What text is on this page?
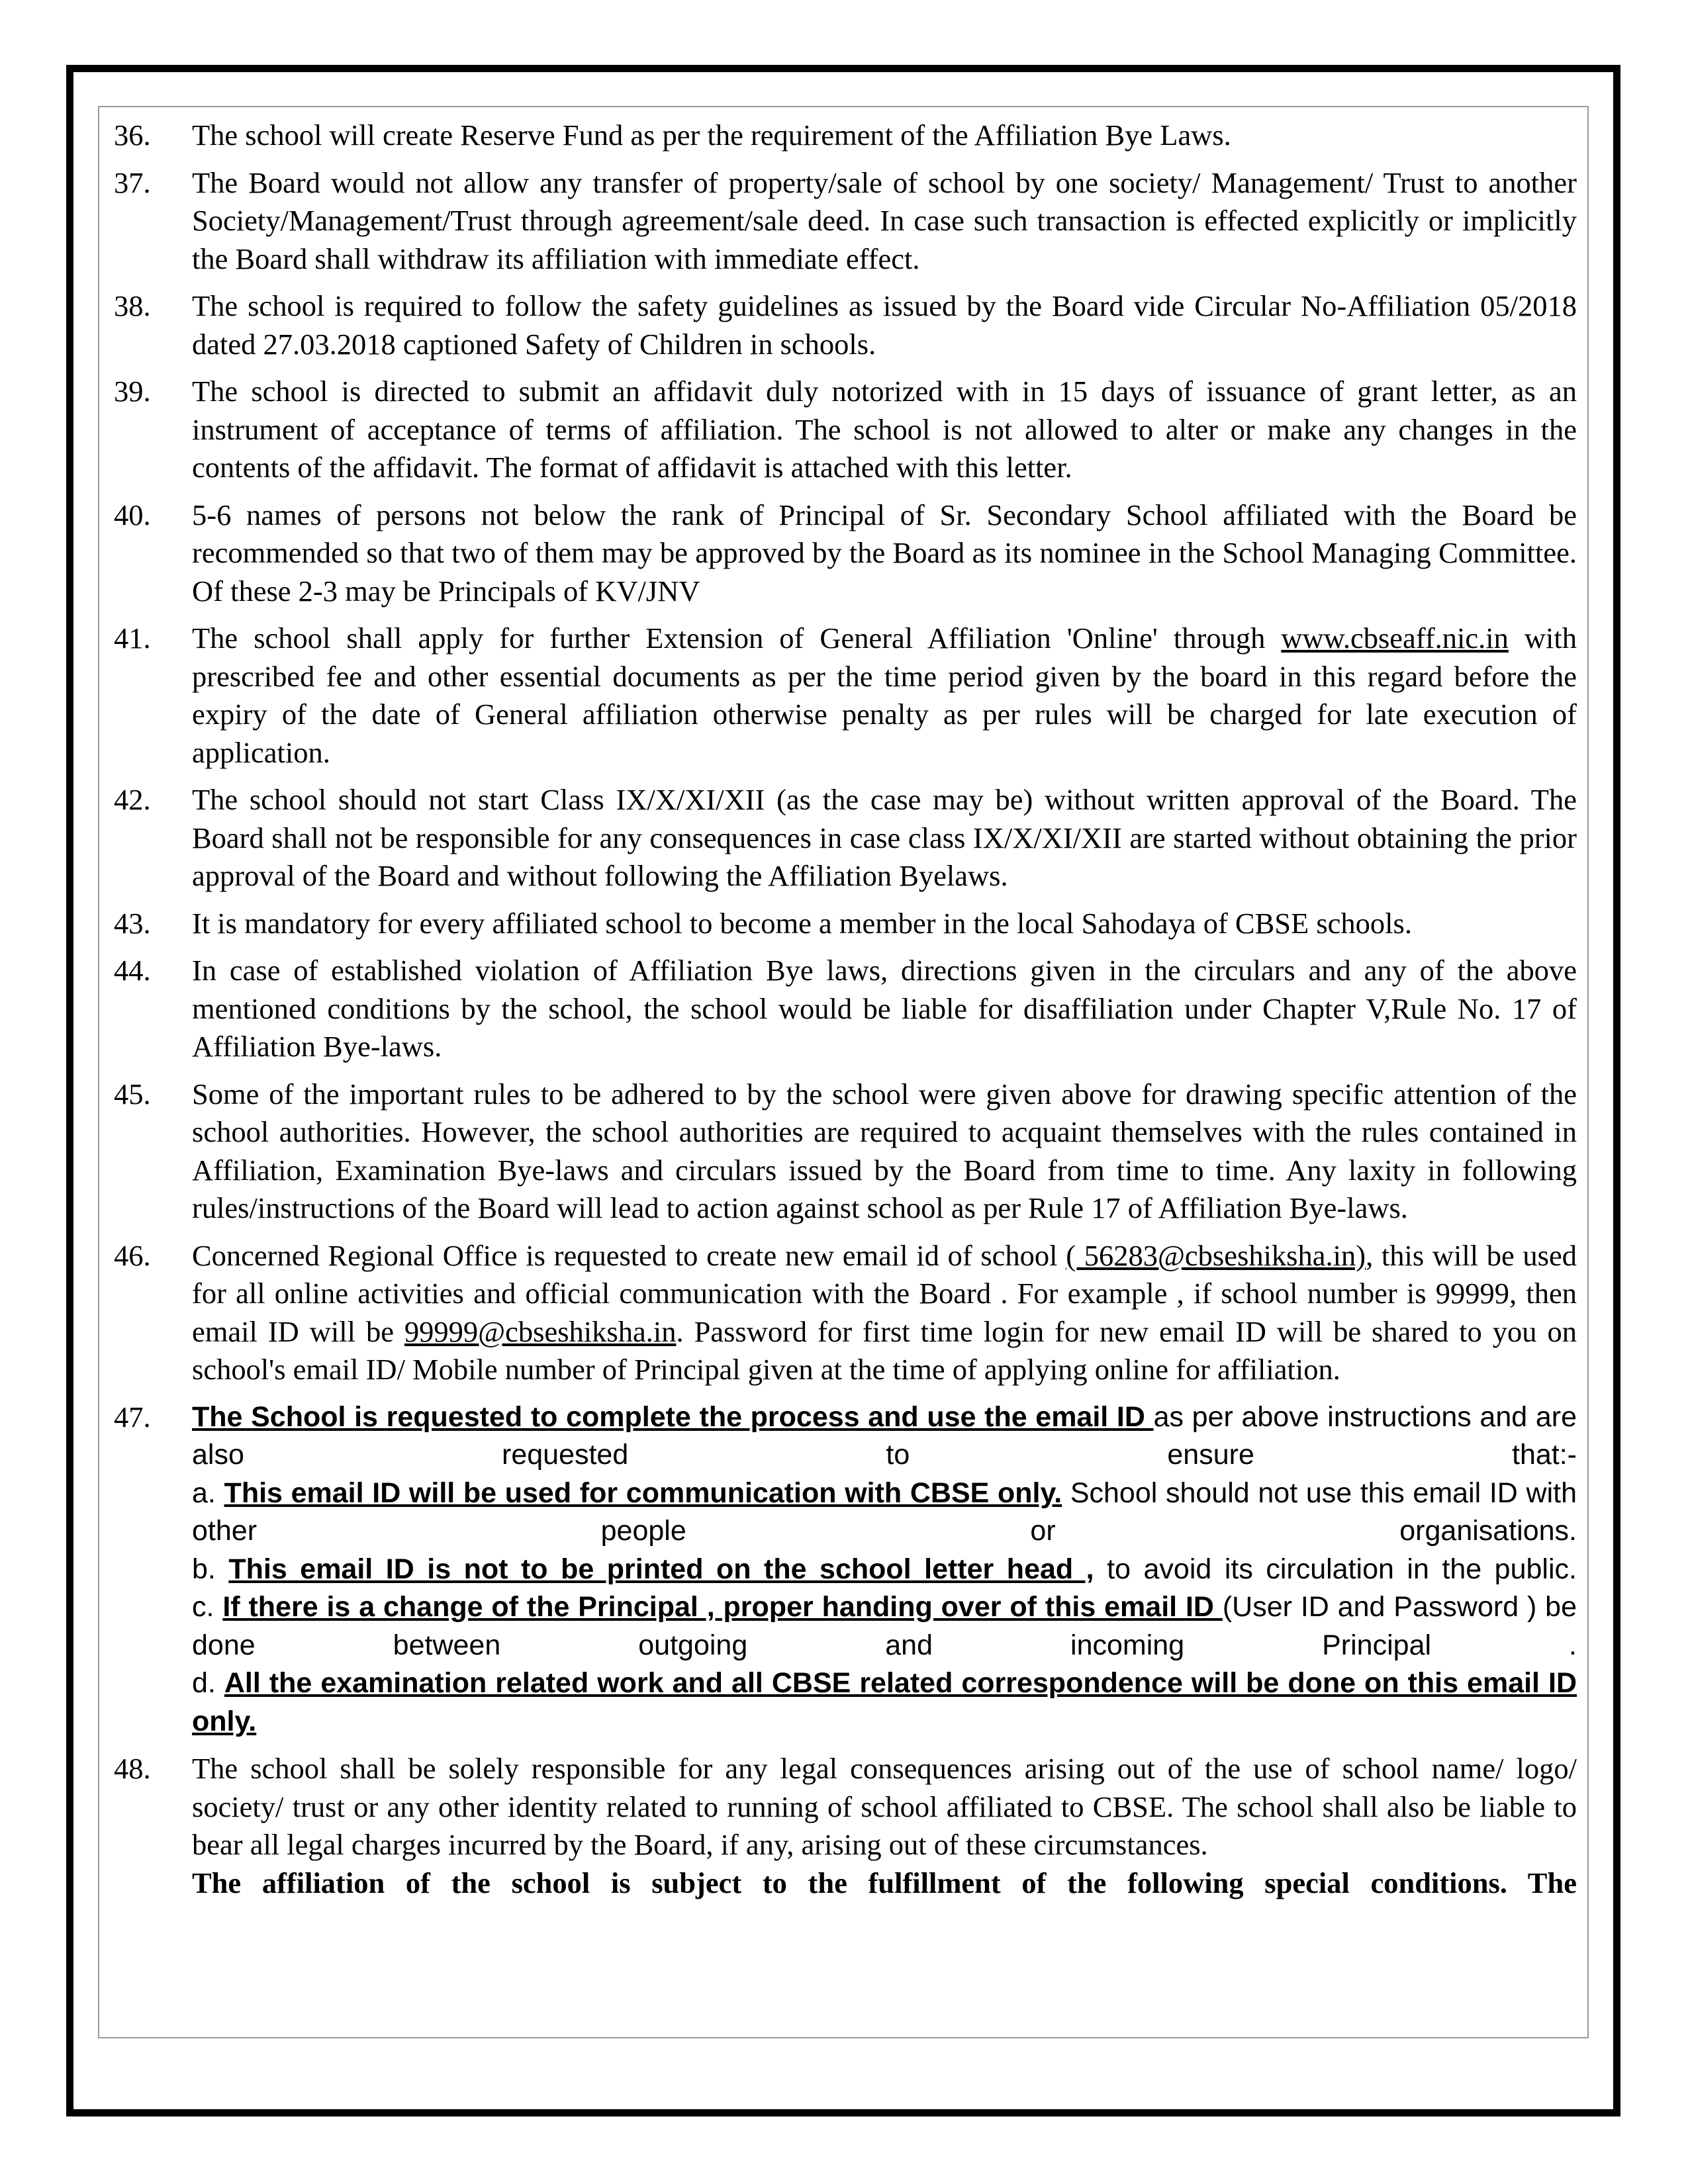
36.	The school will create Reserve Fund as per the requirement of the Affiliation Bye Laws.
37.	The Board would not allow any transfer of property/sale of school by one society/ Management/ Trust to another Society/Management/Trust through agreement/sale deed. In case such transaction is effected explicitly or implicitly the Board shall withdraw its affiliation with immediate effect.
38.	The school is required to follow the safety guidelines as issued by the Board vide Circular No-Affiliation 05/2018 dated 27.03.2018 captioned Safety of Children in schools.
39.	The school is directed to submit an affidavit duly notorized with in 15 days of issuance of grant letter, as an instrument of acceptance of terms of affiliation. The school is not allowed to alter or make any changes in the contents of the affidavit. The format of affidavit is attached with this letter.
40.	5-6 names of persons not below the rank of Principal of Sr. Secondary School affiliated with the Board be recommended so that two of them may be approved by the Board as its nominee in the School Managing Committee. Of these 2-3 may be Principals of KV/JNV
41.	The school shall apply for further Extension of General Affiliation 'Online' through www.cbseaff.nic.in with prescribed fee and other essential documents as per the time period given by the board in this regard before the expiry of the date of General affiliation otherwise penalty as per rules will be charged for late execution of application.
42.	The school should not start Class IX/X/XI/XII (as the case may be) without written approval of the Board. The Board shall not be responsible for any consequences in case class IX/X/XI/XII are started without obtaining the prior approval of the Board and without following the Affiliation Byelaws.
43.	It is mandatory for every affiliated school to become a member in the local Sahodaya of CBSE schools.
44.	In case of established violation of Affiliation Bye laws, directions given in the circulars and any of the above mentioned conditions by the school, the school would be liable for disaffiliation under Chapter V,Rule No. 17 of Affiliation Bye-laws.
45.	Some of the important rules to be adhered to by the school were given above for drawing specific attention of the school authorities. However, the school authorities are required to acquaint themselves with the rules contained in Affiliation, Examination Bye-laws and circulars issued by the Board from time to time. Any laxity in following rules/instructions of the Board will lead to action against school as per Rule 17 of Affiliation Bye-laws.
46.	Concerned Regional Office is requested to create new email id of school ( 56283@cbseshiksha.in), this will be used for all online activities and official communication with the Board . For example , if school number is 99999, then email ID will be 99999@cbseshiksha.in. Password for first time login for new email ID will be shared to you on school's email ID/ Mobile number of Principal given at the time of applying online for affiliation.
47.	The School is requested to complete the process and use the email ID as per above instructions and are also requested to ensure that:-
a. This email ID will be used for communication with CBSE only. School should not use this email ID with other people or organisations.
b. This email ID is not to be printed on the school letter head , to avoid its circulation in the public.
c. If there is a change of the Principal , proper handing over of this email ID (User ID and Password ) be done between outgoing and incoming Principal .
d. All the examination related work and all CBSE related correspondence will be done on this email ID only.
48.	The school shall be solely responsible for any legal consequences arising out of the use of school name/ logo/ society/ trust or any other identity related to running of school affiliated to CBSE. The school shall also be liable to bear all legal charges incurred by the Board, if any, arising out of these circumstances.
The affiliation of the school is subject to the fulfillment of the following special conditions. The
